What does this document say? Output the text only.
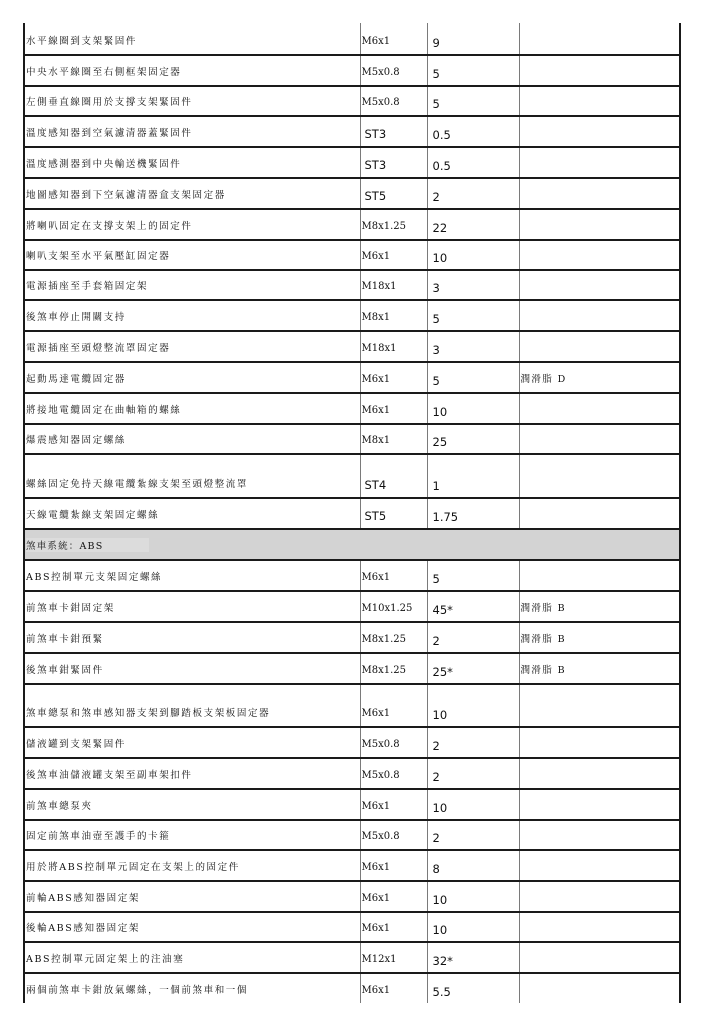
水平線圈到支架緊固件	M6x1	9	
中央水平線圈至右側框架固定器	M5x0.8	5	
左側垂直線圈用於支撐支架緊固件	M5x0.8	5	
溫度感知器到空氣濾清器蓋緊固件	ST3	0.5	
溫度感測器到中央輸送機緊固件	ST3	0.5	
地圖感知器到下空氣濾清器盒支架固定器	ST5	2	
將喇叭固定在支撐支架上的固定件	M8x1.25	22	
喇叭支架至水平氣壓缸固定器	M6x1	10	
電源插座至手套箱固定架	M18x1	3	
後煞車停止開關支持	M8x1	5	
電源插座至頭燈整流罩固定器	M18x1	3	
起動馬達電纜固定器	M6x1	5	潤滑脂 D
將接地電纜固定在曲軸箱的螺絲	M6x1	10	
爆震感知器固定螺絲	M8x1	25	
螺絲固定免持天線電纜紮線支架至頭燈整流罩	ST4	1	
天線電纜紮線支架固定螺絲	ST5	1.75	
煞車系統：ABS			
ABS控制單元支架固定螺絲	M6x1	5	
前煞車卡鉗固定架	M10x1.25	45*	潤滑脂 B
前煞車卡鉗預緊	M8x1.25	2	潤滑脂 B
後煞車鉗緊固件	M8x1.25	25*	潤滑脂 B
煞車總泵和煞車感知器支架到腳踏板支架板固定器	M6x1	10	
儲液罐到支架緊固件	M5x0.8	2	
後煞車油儲液罐支架至副車架扣件	M5x0.8	2	
前煞車總泵夾	M6x1	10	
固定前煞車油壺至護手的卡箍	M5x0.8	2	
用於將ABS控制單元固定在支架上的固定件	M6x1	8	
前輪ABS感知器固定架	M6x1	10	
後輪ABS感知器固定架	M6x1	10	
ABS控制單元固定架上的注油塞	M12x1	32*	
兩個前煞車卡鉗放氣螺絲，一個前煞車和一個	M6x1	5.5	
